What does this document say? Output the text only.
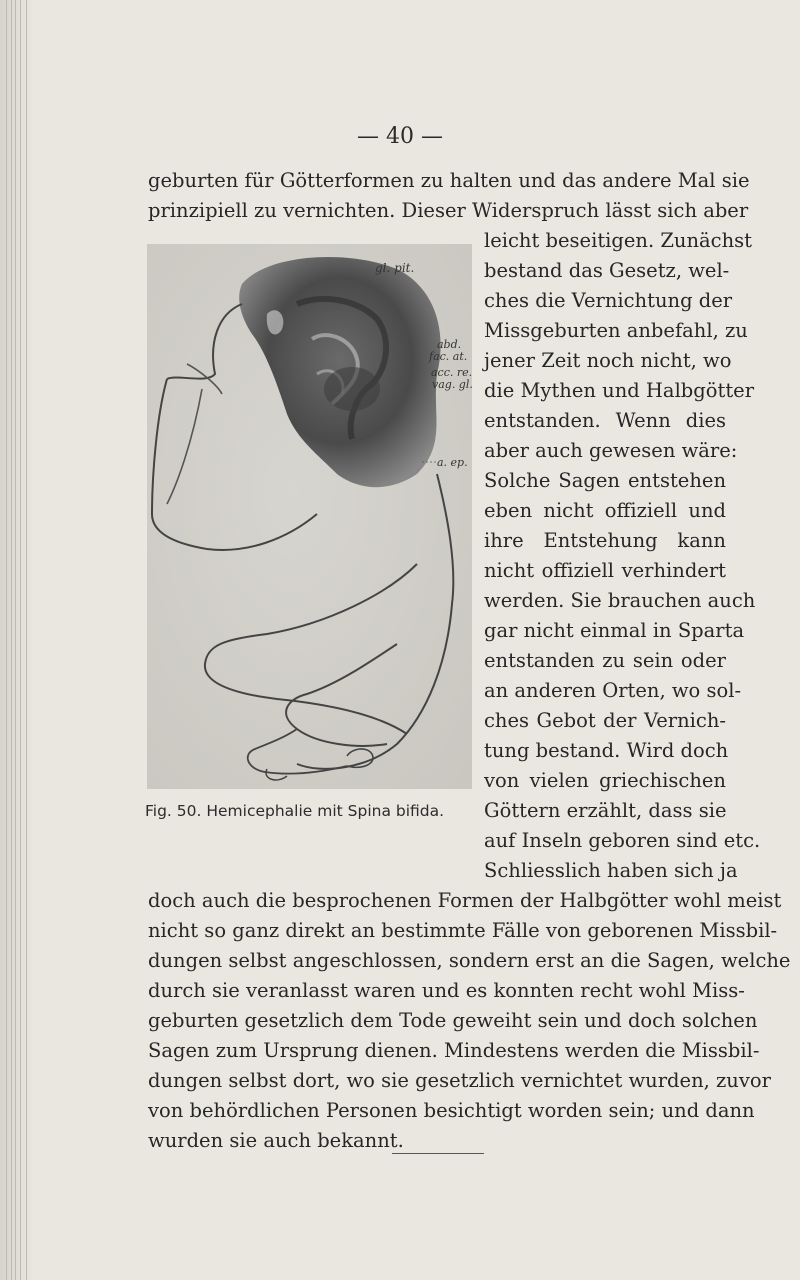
— 40 —
geburten für Götterformen zu halten und das andere Mal sie
prinzipiell zu vernichten. Dieser Widerspruch lässt sich aber
leicht beseitigen. Zunächst
bestand das Gesetz, wel-
ches die Vernichtung der
Missgeburten anbefahl, zu
jener Zeit noch nicht, wo
die Mythen und Halbgötter
entstanden. Wenn dies
aber auch gewesen wäre:
Solche Sagen entstehen
eben nicht offiziell und
ihre Entstehung kann
nicht offiziell verhindert
werden. Sie brauchen auch
gar nicht einmal in Sparta
entstanden zu sein oder
an anderen Orten, wo sol-
ches Gebot der Vernich-
tung bestand. Wird doch
von vielen griechischen
Göttern erzählt, dass sie
auf Inseln geboren sind etc.
Schliesslich haben sich ja
gl. pit.
abd.
fac. at.
acc. re.
vag. gl.
a. ep.
Fig. 50. Hemicephalie mit Spina bifida.
doch auch die besprochenen Formen der Halbgötter wohl meist
nicht so ganz direkt an bestimmte Fälle von geborenen Missbil-
dungen selbst angeschlossen, sondern erst an die Sagen, welche
durch sie veranlasst waren und es konnten recht wohl Miss-
geburten gesetzlich dem Tode geweiht sein und doch solchen
Sagen zum Ursprung dienen. Mindestens werden die Missbil-
dungen selbst dort, wo sie gesetzlich vernichtet wurden, zuvor
von behördlichen Personen besichtigt worden sein; und dann
wurden sie auch bekannt.
